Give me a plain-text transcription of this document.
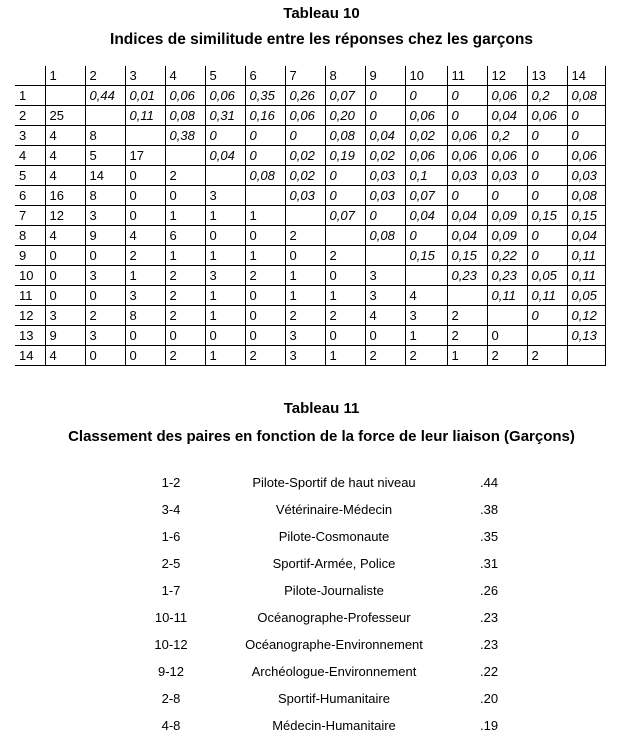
Tableau 10
Indices de similitude entre les réponses chez les garçons
	1	2	3	4	5	6	7	8	9	10	11	12	13	14
1		0,44	0,01	0,06	0,06	0,35	0,26	0,07	0	0	0	0,06	0,2	0,08
2	25		0,11	0,08	0,31	0,16	0,06	0,20	0	0,06	0	0,04	0,06	0
3	4	8		0,38	0	0	0	0,08	0,04	0,02	0,06	0,2	0	0
4	4	5	17		0,04	0	0,02	0,19	0,02	0,06	0,06	0,06	0	0,06
5	4	14	0	2		0,08	0,02	0	0,03	0,1	0,03	0,03	0	0,03
6	16	8	0	0	3		0,03	0	0,03	0,07	0	0	0	0,08
7	12	3	0	1	1	1		0,07	0	0,04	0,04	0,09	0,15	0,15
8	4	9	4	6	0	0	2		0,08	0	0,04	0,09	0	0,04
9	0	0	2	1	1	1	0	2		0,15	0,15	0,22	0	0,11
10	0	3	1	2	3	2	1	0	3		0,23	0,23	0,05	0,11
11	0	0	3	2	1	0	1	1	3	4		0,11	0,11	0,05
12	3	2	8	2	1	0	2	2	4	3	2		0	0,12
13	9	3	0	0	0	0	3	0	0	1	2	0		0,13
14	4	0	0	2	1	2	3	1	2	2	1	2	2	
Tableau 11
Classement des paires en fonction de la force de leur liaison (Garçons)
1-2	Pilote-Sportif de haut niveau	.44
3-4	Vétérinaire-Médecin	.38
1-6	Pilote-Cosmonaute	.35
2-5	Sportif-Armée, Police	.31
1-7	Pilote-Journaliste	.26
10-11	Océanographe-Professeur	.23
10-12	Océanographe-Environnement	.23
9-12	Archéologue-Environnement	.22
2-8	Sportif-Humanitaire	.20
4-8	Médecin-Humanitaire	.19
